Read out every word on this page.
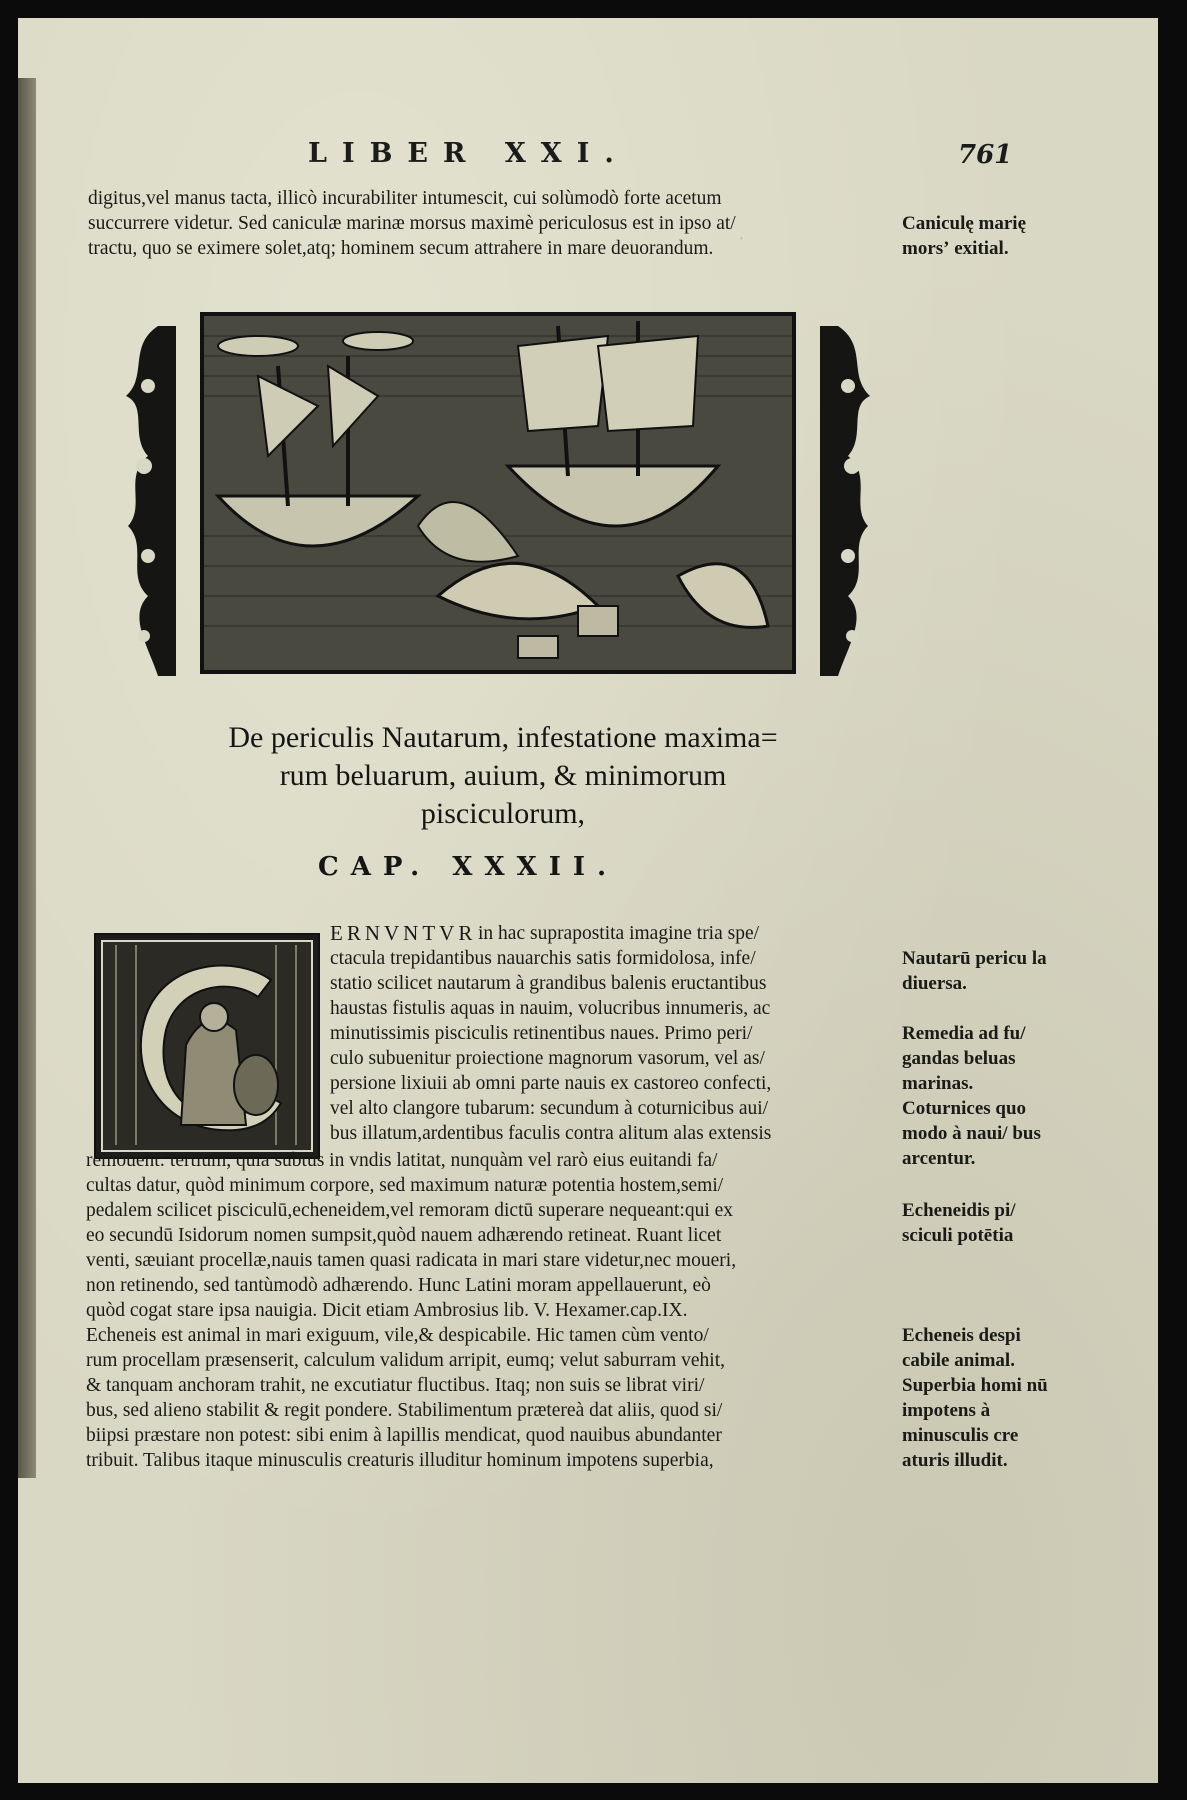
·
LIBER XXI.	761
digitus,vel manus tacta, illicò incurabiliter intumescit, cui solùmodò forte acetum
succurrere videtur. Sed caniculæ marinæ morsus maximè periculosus est in ipso at/
tractu, quo se eximere solet,atq; hominem secum attrahere in mare deuorandum.
Caniculę marię morsʼ exitial.
De periculis Nautarum, infestatione maxima=
rum beluarum, auium, & minimorum
pisciculorum,
CAP. XXXII.
ERNVNTVR in hac suprapostita imagine tria spe/
ctacula trepidantibus nauarchis satis formidolosa, infe/
statio scilicet nautarum à grandibus balenis eructantibus
haustas fistulis aquas in nauim, volucribus innumeris, ac
minutissimis pisciculis retinentibus naues. Primo peri/
culo subuenitur proiectione magnorum vasorum, vel as/
persione lixiuii ab omni parte nauis ex castoreo confecti,
vel alto clangore tubarum: secundum à coturnicibus aui/
bus illatum,ardentibus faculis contra alitum alas extensis
remouent: tertium, quia subtus in vndis latitat, nunquàm vel rarò eius euitandi fa/
cultas datur, quòd minimum corpore, sed maximum naturæ potentia hostem,semi/
pedalem scilicet pisciculū,echeneidem,vel remoram dictū superare nequeant:qui ex
eo secundū Isidorum nomen sumpsit,quòd nauem adhærendo retineat. Ruant licet
venti, sæuiant procellæ,nauis tamen quasi radicata in mari stare videtur,nec moueri,
non retinendo, sed tantùmodò adhærendo. Hunc Latini moram appellauerunt, eò
quòd cogat stare ipsa nauigia. Dicit etiam Ambrosius lib. V. Hexamer.cap.IX.
Echeneis est animal in mari exiguum, vile,& despicabile. Hic tamen cùm vento/
rum procellam præsenserit, calculum validum arripit, eumq; velut saburram vehit,
& tanquam anchoram trahit, ne excutiatur fluctibus. Itaq; non suis se librat viri/
bus, sed alieno stabilit & regit pondere. Stabilimentum prætereà dat aliis, quod si/
biipsi præstare non potest: sibi enim à lapillis mendicat, quod nauibus abundanter
tribuit. Talibus itaque minusculis creaturis illuditur hominum impotens superbia,
Nautarū pericu la diuersa.
Remedia ad fu/ gandas beluas marinas.
Coturnices quo modo à naui/ bus arcentur.
Echeneidis pi/ sciculi potētia
Echeneis despi cabile animal.
Superbia homi nū impotens à minusculis cre aturis illudit.
